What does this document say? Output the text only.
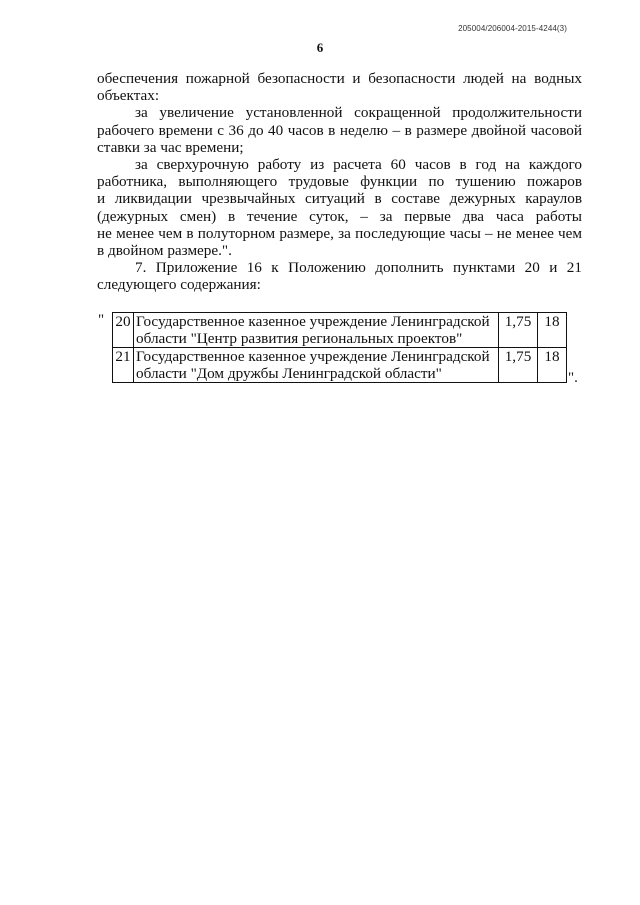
205004/206004-2015-4244(3)
6

обеспечения пожарной безопасности и безопасности людей на водных
объектах:

за увеличение установленной сокращенной продолжительности
рабочего времени с 36 до 40 часов в неделю – в размере двойной часовой
ставки за час времени;

за сверхурочную работу из расчета 60 часов в год на каждого
работника, выполняющего трудовые функции по тушению пожаров
и ликвидации чрезвычайных ситуаций в составе дежурных караулов
(дежурных смен) в течение суток, – за первые два часа работы
не менее чем в полуторном размере, за последующие часы – не менее чем
в двойном размере.".

7. Приложение 16 к Положению дополнить пунктами 20 и 21
следующего содержания:

" 20	Государственное казенное учреждение Ленинградской
области "Центр развития региональных проектов"	1,75	18
21	Государственное казенное учреждение Ленинградской
области "Дом дружбы Ленинградской области"	1,75	18
".
